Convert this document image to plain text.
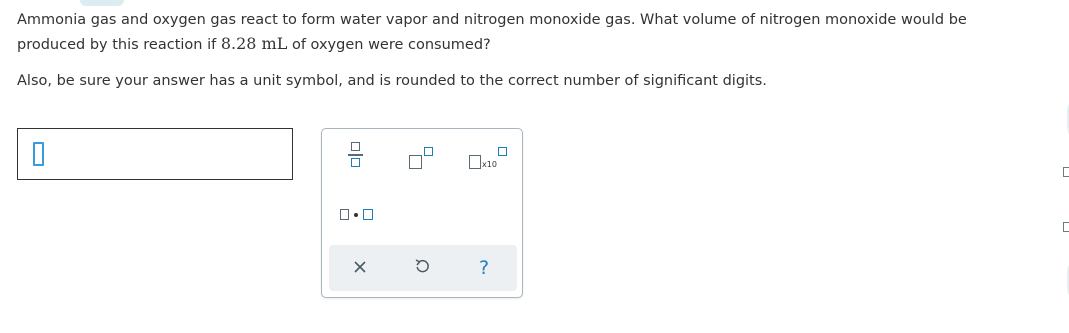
Ammonia gas and oxygen gas react to form water vapor and nitrogen monoxide gas. What volume of nitrogen monoxide would be produced by this reaction if 8.28 mL of oxygen were consumed?

Also, be sure your answer has a unit symbol, and is rounded to the correct number of significant digits.

x10
?
